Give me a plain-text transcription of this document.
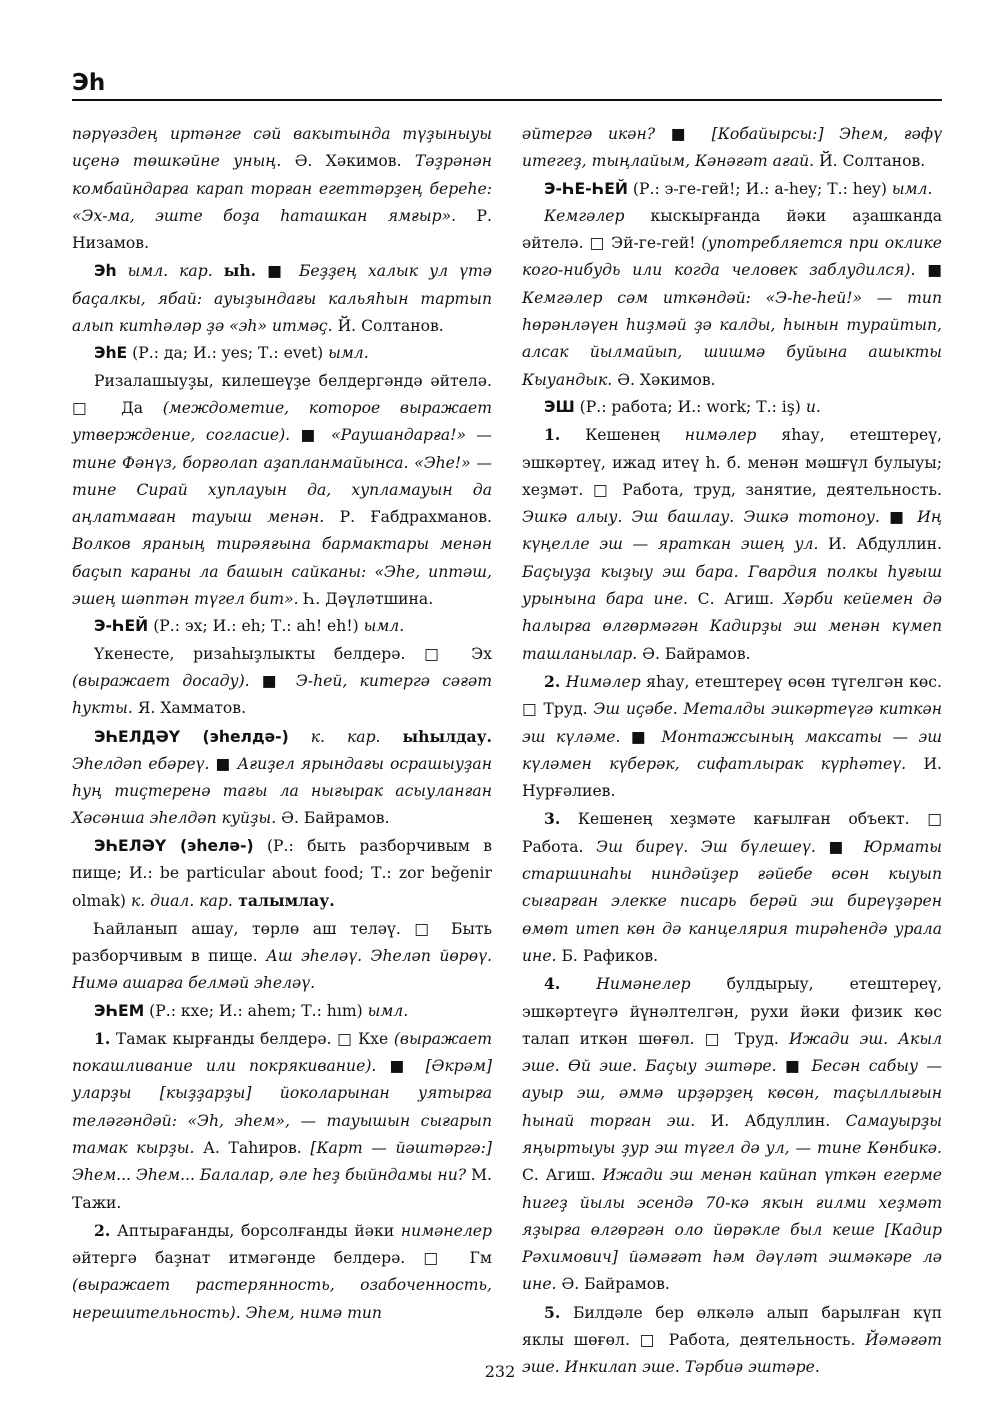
Эһ

пәрүәздең иртәнге сәй вакытында түҙыныуы иҫенә төшкәйне уның. Ә. Хәкимов. Тәҙрәнән комбайндарға карап торған егеттәрҙең береһе: «Эх-ма, эште боҙа һаташкан ямғыр». Р. Низамов.

Эһ ымл. кар. ыһ. ■ Беҙҙең халык ул үтә баҫалкы, ябай: ауыҙындағы кальяһын тартып алып китһәләр ҙә «эһ» итмәҫ. Й. Солтанов.

ЭһЕ (Р.: да; И.: yes; Т.: evet) ымл.

Ризалашыуҙы, килешеүҙе белдергәндә әйтелә. □ Да (междометие, которое выражает утверждение, согласие). ■ «Раушандарға!» — тине Фәнүз, борғолап аҙапланмайынса. «Эһе!» — тине Сирай хуплауын да, хупламауын да аңлатмаған тауыш менән. Р. Ғабдрахманов. Волков яраның тирәяғына бармактары менән баҫып караны ла башын сайканы: «Эһе, иптәш, эшең шәптән түгел бит». Һ. Дәүләтшина.

Э-ҺЕЙ (Р.: эх; И.: eh; Т.: ah! eh!) ымл.

Үкенесте, ризаһыҙлыкты белдерә. □ Эх (выражает досаду). ■ Э-һей, китергә сәғәт һукты. Я. Хамматов.

ЭҺЕЛДӘҮ (эһелдә-) к. кар. ыһылдау. Эһелдәп ебәреү. ■ Ағиҙел ярындағы осрашыуҙан һуң тиҫтеренә тағы ла нығырак асыуланған Хәсәнша эһелдәп куйҙы. Ә. Байрамов.

ЭҺЕЛӘҮ (эһелә-) (Р.: быть разборчивым в пище; И.: be particular about food; Т.: zor beğenir olmak) к. диал. кар. талымлау.

Һайланып ашау, төрлө аш теләү. □ Быть разборчивым в пище. Аш эһеләү. Эһеләп йөрөү. Нимә ашарға белмәй эһеләү.

ЭҺЕМ (Р.: кхе; И.: ahem; Т.: hım) ымл.

1. Тамак кырғанды белдерә. □ Кхе (выражает покашливание или покрякивание). ■ [Әкрәм] уларҙы [кыҙҙарҙы] йоколарынан уятырға теләгәндәй: «Эһ, эһем», — тауышын сығарып тамак кырҙы. А. Таһиров. [Карт — йәштәргә:] Эһем... Эһем... Балалар, әле һеҙ быйндамы ни? М. Тажи.

2. Аптырағанды, борсолғанды йәки нимәнелер әйтергә баҙнат итмәгәнде белдерә. □ Гм (выражает растерянность, озабоченность, нерешительность). Эһем, нимә тип

әйтергә икән? ■ [Кобайырсы:] Эһем, ғәфү итегеҙ, тыңлайым, Кәнәғәт ағай. Й. Солтанов.

Э-ҺЕ-ҺЕЙ (Р.: э-ге-гей!; И.: a-hey; Т.: hey) ымл.

Кемгәлер кыскырғанда йәки аҙашканда әйтелә. □ Эй-ге-гей! (употребляется при оклике кого-нибудь или когда человек заблудился). ■ Кемгәлер сәм иткәндәй: «Э-һе-һей!» — тип һөрәнләүен һиҙмәй ҙә калды, һынын турайтып, алсак йылмайып, шишмә буйына ашыкты Кыуандык. Ә. Хәкимов.

ЭШ (Р.: работа; И.: work; Т.: iş) и.

1. Кешенең нимәлер яһау, етештереү, эшкәртеү, ижад итеү һ. б. менән мәшғүл булыуы; хеҙмәт. □ Работа, труд, занятие, деятельность. Эшкә алыу. Эш башлау. Эшкә тотоноу. ■ Иң күңелле эш — яраткан эшең ул. И. Абдуллин. Баҫыуҙа кыҙыу эш бара. Гвардия полкы һуғыш урынына бара ине. С. Агиш. Хәрби кейемен дә һалырға өлгөрмәгән Кадирҙы эш менән күмеп ташланылар. Ә. Байрамов.

2. Нимәлер яһау, етештереү өсөн түгелгән көс. □ Труд. Эш иҫәбе. Металды эшкәртеүгә киткән эш күләме. ■ Монтажсының максаты — эш күләмен күберәк, сифатлырак күрһәтеү. И. Нурғәлиев.

3. Кешенең хеҙмәте кағылған объект. □ Работа. Эш биреү. Эш бүлешеү. ■ Юрматы старшинаһы ниндәйҙер ғәйебе өсөн кыуып сығарған элекке писарь берәй эш биреүҙәрен өмөт итеп көн дә канцелярия тирәһендә урала ине. Б. Рафиков.

4. Нимәнелер булдырыу, етештереү, эшкәртеүгә йүнәлтелгән, рухи йәки физик көс талап иткән шөғөл. □ Труд. Ижади эш. Акыл эше. Өй эше. Баҫыу эштәре. ■ Бесән сабыу — ауыр эш, әммә ирҙәрҙең көсөн, таҫыллығын һынай торған эш. И. Абдуллин. Самауырҙы яңыртыуы ҙур эш түгел дә ул, — тине Көнбикә. С. Агиш. Ижади эш менән кайнап үткән егерме һигеҙ йылы эсендә 70-кә якын ғилми хеҙмәт яҙырға өлгөргән оло йөрәкле был кеше [Кадир Рәхимович] йәмәғәт һәм дәүләт эшмәкәре лә ине. Ә. Байрамов.

5. Билдәле бер өлкәлә алып барылған күп яклы шөғөл. □ Работа, деятельность. Йәмәғәт эше. Инкилап эше. Тәрбиә эштәре.

232
